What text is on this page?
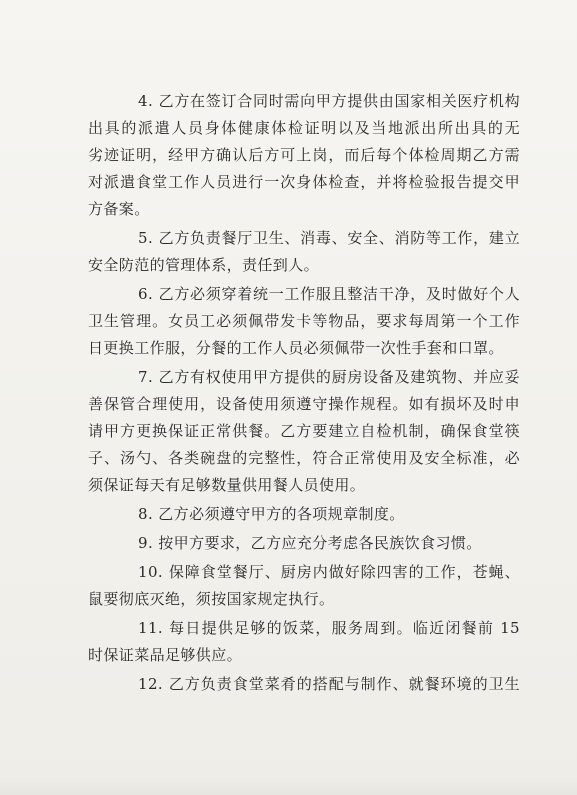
4. 乙方在签订合同时需向甲方提供由国家相关医疗机构
出具的派遣人员身体健康体检证明以及当地派出所出具的无
劣迹证明，经甲方确认后方可上岗，而后每个体检周期乙方需
对派遣食堂工作人员进行一次身体检查，并将检验报告提交甲
方备案。
5. 乙方负责餐厅卫生、消毒、安全、消防等工作，建立
安全防范的管理体系，责任到人。
6. 乙方必须穿着统一工作服且整洁干净，及时做好个人
卫生管理。女员工必须佩带发卡等物品，要求每周第一个工作
日更换工作服，分餐的工作人员必须佩带一次性手套和口罩。
7. 乙方有权使用甲方提供的厨房设备及建筑物、并应妥
善保管合理使用，设备使用须遵守操作规程。如有损坏及时申
请甲方更换保证正常供餐。乙方要建立自检机制，确保食堂筷
子、汤勺、各类碗盘的完整性，符合正常使用及安全标准，必
须保证每天有足够数量供用餐人员使用。
8. 乙方必须遵守甲方的各项规章制度。
9. 按甲方要求，乙方应充分考虑各民族饮食习惯。
10. 保障食堂餐厅、厨房内做好除四害的工作，苍蝇、
鼠要彻底灭绝，须按国家规定执行。
11. 每日提供足够的饭菜，服务周到。临近闭餐前 15
时保证菜品足够供应。
12. 乙方负责食堂菜肴的搭配与制作、就餐环境的卫生
